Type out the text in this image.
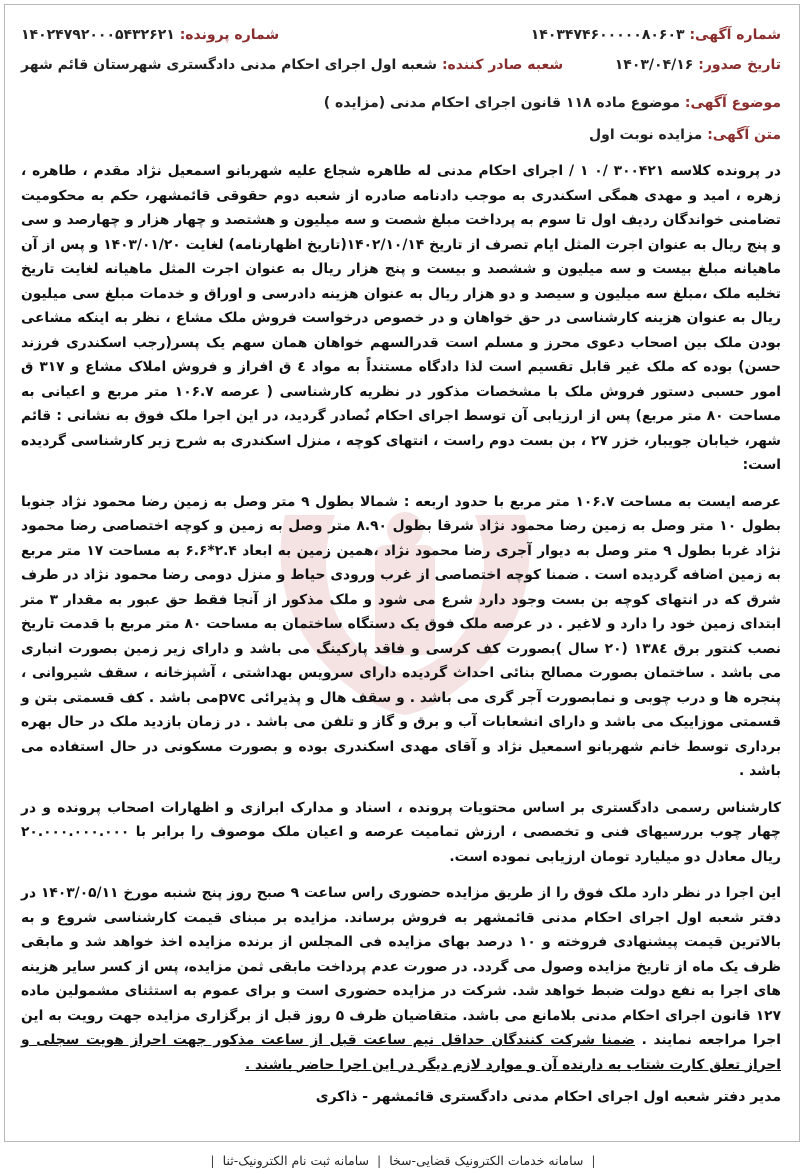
شماره آگهی: ۱۴۰۳۴۷۴۶۰۰۰۰۰۸۰۶۰۳
شماره پرونده: ۱۴۰۲۴۷۹۲۰۰۰۵۴۳۲۶۲۱
تاریخ صدور: ۱۴۰۳/۰۴/۱۶
شعبه صادر کننده: شعبه اول اجرای احکام مدنی دادگستری شهرستان قائم شهر
موضوع آگهی: موضوع ماده ۱۱۸ قانون اجرای احکام مدنی (مزایده )
متن آگهی: مزایده نوبت اول

در پرونده کلاسه ۳۰۰۴۲۱ /۰ ۱ / اجرای احکام مدنی له طاهره شجاع علیه شهربانو اسمعیل نژاد مقدم ، طاهره ، زهره ، امید و مهدی همگی اسکندری به موجب دادنامه صادره از شعبه دوم حقوقی قائمشهر، حکم به محکومیت تضامنی خواندگان ردیف اول تا سوم به پرداخت مبلغ شصت و سه میلیون و هشتصد و چهار هزار و چهارصد و سی و پنج ریال به عنوان اجرت المثل ایام تصرف از تاریخ ۱۴۰۲/۱۰/۱۴(تاریخ اظهارنامه) لغایت ۱۴۰۳/۰۱/۲۰ و پس از آن ماهیانه مبلغ بیست و سه میلیون و ششصد و بیست و پنج هزار ریال به عنوان اجرت المثل ماهیانه لغایت تاریخ تخلیه ملک ،مبلغ سه میلیون و سیصد و دو هزار ریال به عنوان هزینه دادرسی و اوراق و خدمات مبلغ سی میلیون ریال به عنوان هزینه کارشناسی در حق خواهان و در خصوص درخواست فروش ملک مشاع ، نظر به اینکه مشاعی بودن ملک بین اصحاب دعوی محرز و مسلم است قدرالسهم خواهان همان سهم یک پسر(رجب اسکندری فرزند حسن) بوده که ملک غیر قابل تقسیم است لذا دادگاه مستنداً به مواد ٤ ق افراز و فروش املاک مشاع و ۳۱۷ ق امور حسبی دستور فروش ملک با مشخصات مذکور در نظریه کارشناسی ( عرصه ۱۰۶.۷ متر مربع و اعیانی به مساحت ۸۰ متر مربع) پس از ارزیابی آن توسط اجرای احکام نٌصادر گردید، در این اجرا ملک فوق به نشانی : قائم شهر، خیابان جویبار، خزر ۲۷ ، بن بست دوم راست ، انتهای کوچه ، منزل اسکندری به شرح زیر کارشناسی گردیده است:

عرصه ایست به مساحت ۱۰۶.۷ متر مربع با حدود اربعه : شمالا بطول ۹ متر وصل به زمین رضا محمود نژاد جنوبا بطول ۱۰ متر وصل به زمین رضا محمود نژاد شرقا بطول ۸.۹۰ متر وصل به زمین و کوچه اختصاصی رضا محمود نژاد غربا بطول ۹ متر وصل به دیوار آجری رضا محمود نژاد ،همین زمین به ابعاد ۲.۴*۶.۶ به مساحت ۱۷ متر مربع به زمین اضافه گردیده است . ضمنا کوچه اختصاصی از غرب ورودی حیاط و منزل دومی رضا محمود نژاد در طرف شرق که در انتهای کوچه بن بست وجود دارد شرع می شود و ملک مذکور از آنجا فقط حق عبور به مقدار ۳ متر ابتدای زمین خود را دارد و لاغیر . در عرصه ملک فوق یک دستگاه ساختمان به مساحت ۸۰ متر مربع با قدمت تاریخ نصب کنتور برق ۱۳۸٤ (۲۰ سال )بصورت کف کرسی و فاقد پارکینگ می باشد و دارای زیر زمین بصورت انباری می باشد . ساختمان بصورت مصالح بنائی احداث گردیده دارای سرویس بهداشتی ، آشپزخانه ، سقف شیروانی ، پنجره ها و درب چوبی و نمابصورت آجر گری می باشد . و سقف هال و پذیرائی pvcمی باشد . کف قسمتی بتن و قسمتی موزاییک می باشد و دارای انشعابات آب و برق و گاز و تلفن می باشد . در زمان بازدید ملک در حال بهره برداری توسط خانم شهربانو اسمعیل نژاد و آقای مهدی اسکندری بوده و بصورت مسکونی در حال استفاده می باشد .

کارشناس رسمی دادگستری بر اساس محتویات پرونده ، اسناد و مدارک ابرازی و اظهارات اصحاب پرونده و در چهار چوب بررسیهای فنی و تخصصی ، ارزش تمامیت عرصه و اعیان ملک موصوف را برابر با ۲۰.۰۰۰.۰۰۰.۰۰۰ ریال معادل دو میلیارد تومان ارزیابی نموده است.

این اجرا در نظر دارد ملک فوق را از طریق مزایده حضوری راس ساعت ۹ صبح روز پنج شنبه مورخ ۱۴۰۳/۰۵/۱۱ در دفتر شعبه اول اجرای احکام مدنی قائمشهر به فروش برساند. مزایده بر مبنای قیمت کارشناسی شروع و به بالاترین قیمت پیشنهادی فروخته و ۱۰ درصد بهای مزایده فی المجلس از برنده مزایده اخذ خواهد شد و مابقی ظرف یک ماه از تاریخ مزایده وصول می گردد. در صورت عدم پرداخت مابقی ثمن مزایده، پس از کسر سایر هزینه های اجرا به نفع دولت ضبط خواهد شد. شرکت در مزایده حضوری است و برای عموم به استثنای مشمولین ماده ۱۲۷ قانون اجرای احکام مدنی بلامانع می باشد. متقاضیان ظرف ۵ روز قبل از برگزاری مزایده جهت رویت به این اجرا مراجعه نمایند . ضمنا شرکت کنندگان حداقل نیم ساعت قبل از ساعت مذکور جهت احراز هویت سجلی و احراز تعلق کارت شتاب به دارنده آن و موارد لازم دیگر در این اجرا حاضر باشند .

مدیر دفتر شعبه اول اجرای احکام مدنی دادگستری قائمشهر - ذاکری
|
سامانه خدمات الکترونیک قضایی-سخا
|
سامانه ثبت نام الکترونیک-ثنا
|
